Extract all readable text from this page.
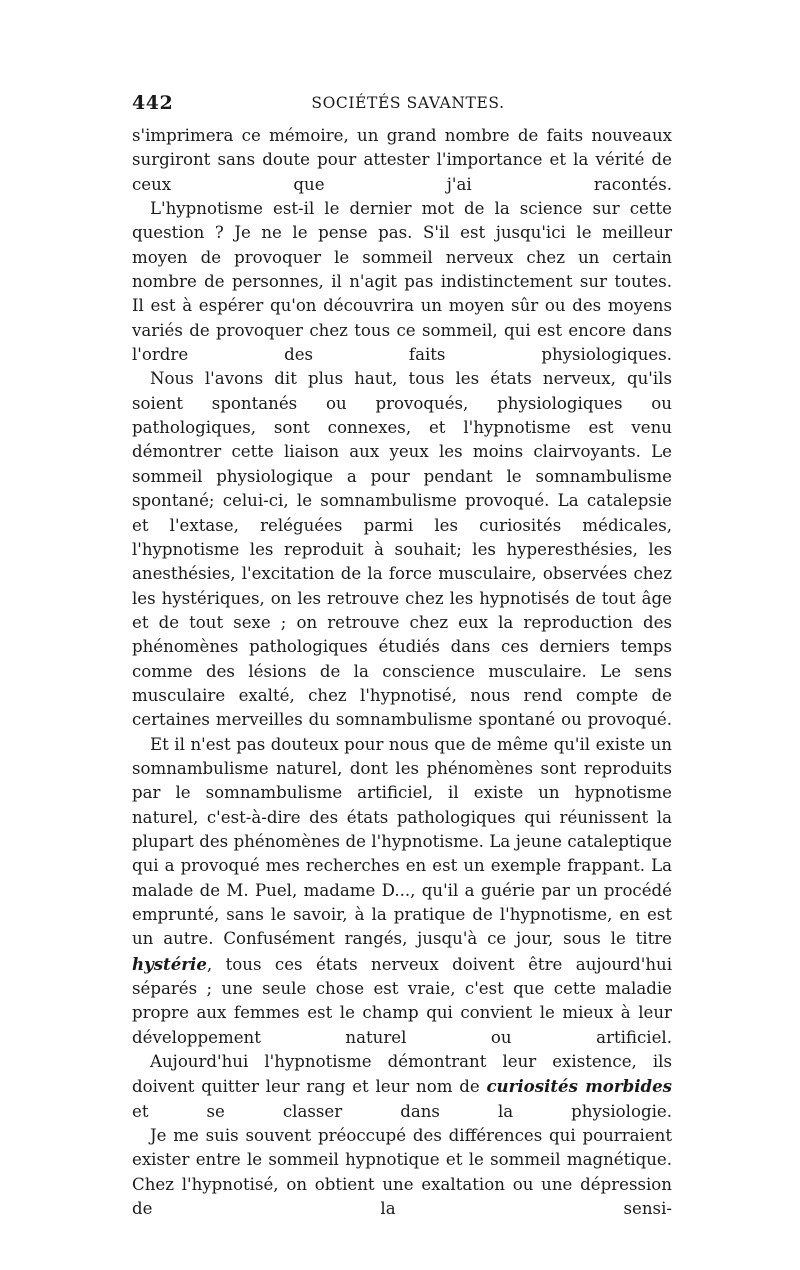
442	SOCIÉTÉS SAVANTES.

s'imprimera ce mémoire, un grand nombre de faits nouveaux surgiront sans doute pour attester l'importance et la vérité de ceux que j'ai racontés.

L'hypnotisme est-il le dernier mot de la science sur cette question ? Je ne le pense pas. S'il est jusqu'ici le meilleur moyen de provoquer le sommeil nerveux chez un certain nombre de personnes, il n'agit pas indistinctement sur toutes. Il est à espérer qu'on découvrira un moyen sûr ou des moyens variés de provoquer chez tous ce sommeil, qui est encore dans l'ordre des faits physiologiques.

Nous l'avons dit plus haut, tous les états nerveux, qu'ils soient spontanés ou provoqués, physiologiques ou pathologiques, sont connexes, et l'hypnotisme est venu démontrer cette liaison aux yeux les moins clairvoyants. Le sommeil physiologique a pour pendant le somnambulisme spontané; celui-ci, le somnambulisme provoqué. La catalepsie et l'extase, reléguées parmi les curiosités médicales, l'hypnotisme les reproduit à souhait; les hyperesthésies, les anesthésies, l'excitation de la force musculaire, observées chez les hystériques, on les retrouve chez les hypnotisés de tout âge et de tout sexe ; on retrouve chez eux la reproduction des phénomènes pathologiques étudiés dans ces derniers temps comme des lésions de la conscience musculaire. Le sens musculaire exalté, chez l'hypnotisé, nous rend compte de certaines merveilles du somnambulisme spontané ou provoqué.

Et il n'est pas douteux pour nous que de même qu'il existe un somnambulisme naturel, dont les phénomènes sont reproduits par le somnambulisme artificiel, il existe un hypnotisme naturel, c'est-à-dire des états pathologiques qui réunissent la plupart des phénomènes de l'hypnotisme. La jeune cataleptique qui a provoqué mes recherches en est un exemple frappant. La malade de M. Puel, madame D..., qu'il a guérie par un procédé emprunté, sans le savoir, à la pratique de l'hypnotisme, en est un autre. Confusément rangés, jusqu'à ce jour, sous le titre hystérie, tous ces états nerveux doivent être aujourd'hui séparés ; une seule chose est vraie, c'est que cette maladie propre aux femmes est le champ qui convient le mieux à leur développement naturel ou artificiel.

Aujourd'hui l'hypnotisme démontrant leur existence, ils doivent quitter leur rang et leur nom de curiosités morbides et se classer dans la physiologie.

Je me suis souvent préoccupé des différences qui pourraient exister entre le sommeil hypnotique et le sommeil magnétique. Chez l'hypnotisé, on obtient une exaltation ou une dépression de la sensi-
